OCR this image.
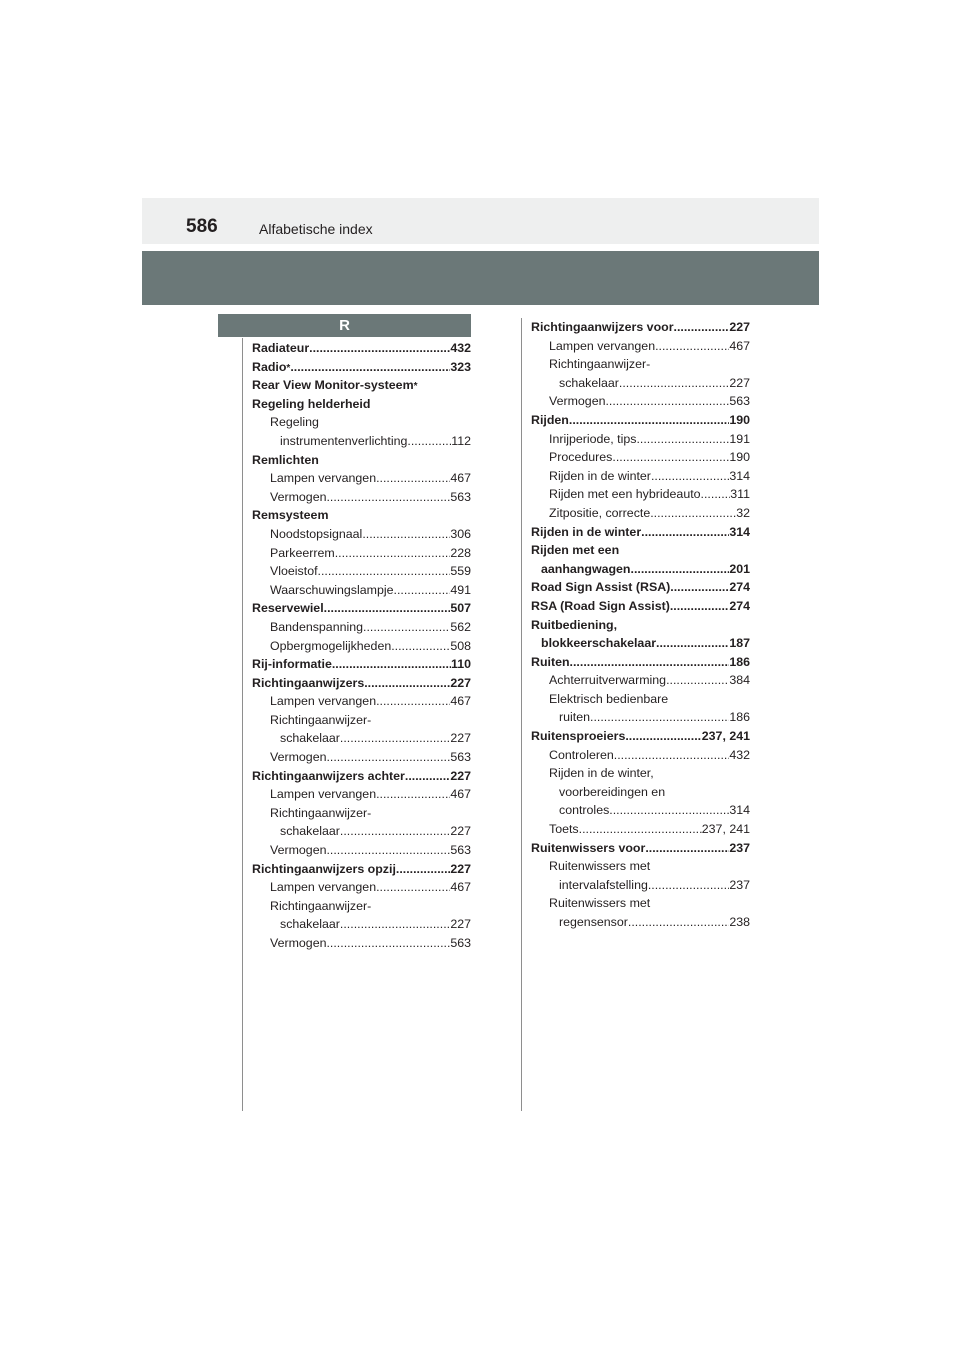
586	Alfabetische index
R
Radiateur .....	432
Radio * .....	323
Rear View Monitor-systeem *
Regeling helderheid
Regeling
instrumentenverlichting .....	112
Remlichten
Lampen vervangen .....	467
Vermogen .....	563
Remsysteem
Noodstopsignaal .....	306
Parkeerrem .....	228
Vloeistof .....	559
Waarschuwingslampje .....	491
Reservewiel .....	507
Bandenspanning .....	562
Opbergmogelijkheden .....	508
Rij-informatie .....	110
Richtingaanwijzers .....	227
Lampen vervangen .....	467
Richtingaanwijzer-
schakelaar .....	227
Vermogen .....	563
Richtingaanwijzers achter .....	227
Lampen vervangen .....	467
Richtingaanwijzer-
schakelaar .....	227
Vermogen .....	563
Richtingaanwijzers opzij .....	227
Lampen vervangen .....	467
Richtingaanwijzer-
schakelaar .....	227
Vermogen .....	563
Richtingaanwijzers voor .....	227
Lampen vervangen .....	467
Richtingaanwijzer-
schakelaar .....	227
Vermogen .....	563
Rijden .....	190
Inrijperiode, tips .....	191
Procedures .....	190
Rijden in de winter .....	314
Rijden met een hybrideauto ..... 311
Zitpositie, correcte .....	32
Rijden in de winter .....	314
Rijden met een
aanhangwagen .....	201
Road Sign Assist (RSA) .....	274
RSA (Road Sign Assist) .....	274
Ruitbediening,
blokkeerschakelaar .....	187
Ruiten .....	186
Achterruitverwarming .....	384
Elektrisch bedienbare
ruiten .....	186
Ruitensproeiers .....	237, 241
Controleren .....	432
Rijden in de winter,
voorbereidingen en
controles .....	314
Toets .....	237, 241
Ruitenwissers voor .....	237
Ruitenwissers met
intervalafstelling .....	237
Ruitenwissers met
regensensor .....	238
